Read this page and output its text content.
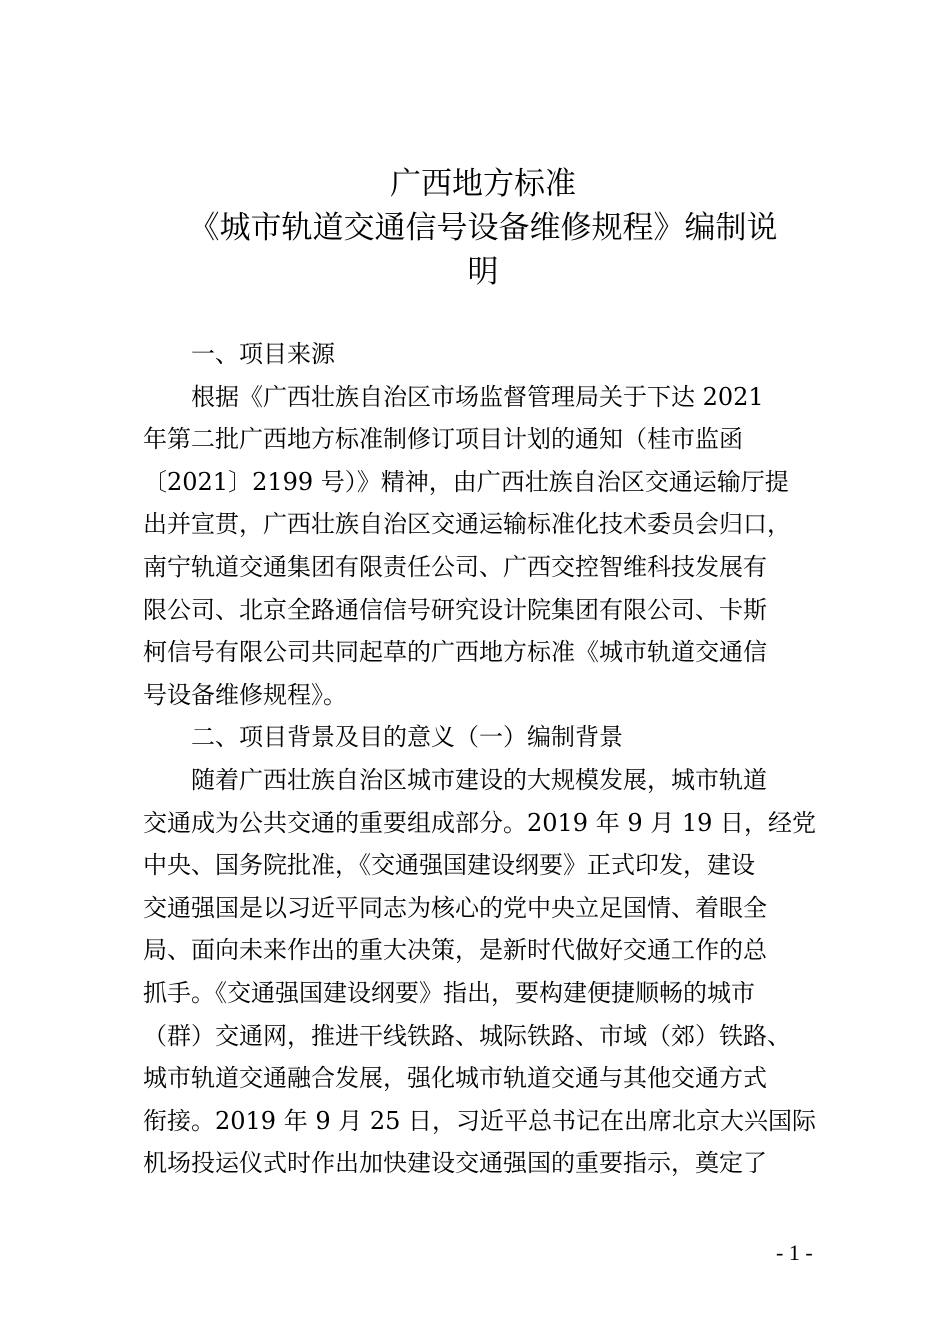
广西地方标准
《城市轨道交通信号设备维修规程》编制说
明
一、项目来源
根据《广西壮族自治区市场监督管理局关于下达 2021
年第二批广西地方标准制修订项目计划的通知（桂市监函
〔2021〕2199 号）》精神，由广西壮族自治区交通运输厅提
出并宣贯，广西壮族自治区交通运输标准化技术委员会归口，
南宁轨道交通集团有限责任公司、广西交控智维科技发展有
限公司、北京全路通信信号研究设计院集团有限公司、卡斯
柯信号有限公司共同起草的广西地方标准《城市轨道交通信
号设备维修规程》。
二、项目背景及目的意义（一）编制背景
随着广西壮族自治区城市建设的大规模发展，城市轨道
交通成为公共交通的重要组成部分。2019 年 9 月 19 日，经党
中央、国务院批准，《交通强国建设纲要》正式印发，建设
交通强国是以习近平同志为核心的党中央立足国情、着眼全
局、面向未来作出的重大决策，是新时代做好交通工作的总
抓手。《交通强国建设纲要》指出，要构建便捷顺畅的城市
（群）交通网，推进干线铁路、城际铁路、市域（郊）铁路、
城市轨道交通融合发展，强化城市轨道交通与其他交通方式
衔接。2019 年 9 月 25 日，习近平总书记在出席北京大兴国际
机场投运仪式时作出加快建设交通强国的重要指示，奠定了
- 1 -
